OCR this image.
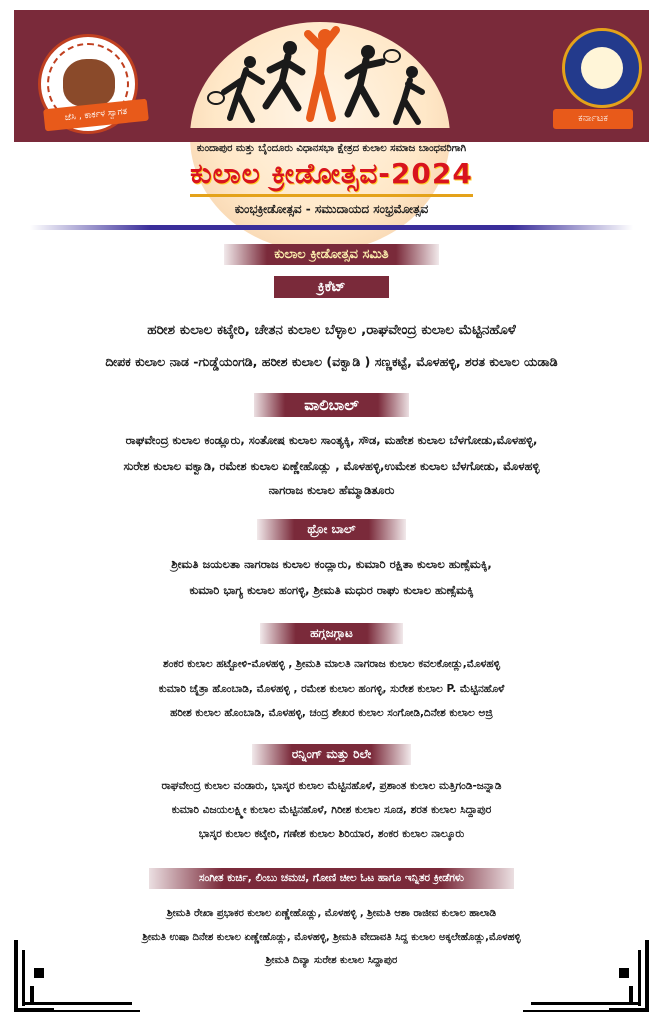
ಜೆಸಿ , ಕಾರ್ಕಳ ಸ್ವಾಗತ	ಕರ್ನಾಟಕ
ಕುಂದಾಪುರ ಮತ್ತು ಬೈಂದೂರು ವಿಧಾನಸಭಾ ಕ್ಷೇತ್ರದ ಕುಲಾಲ ಸಮಾಜ ಬಾಂಧವರಿಗಾಗಿ
ಕುಲಾಲ ಕ್ರೀಡೋತ್ಸವ-2024
ಕುಂಭಕ್ರೀಡೋತ್ಸವ - ಸಮುದಾಯದ ಸಂಭ್ರಮೋತ್ಸವ
ಕುಲಾಲ ಕ್ರೀಡೋತ್ಸವ ಸಮಿತಿ
ಕ್ರಿಕೆಟ್
ಹರೀಶ ಕುಲಾಲ ಕಟ್ಕೇರಿ, ಚೇತನ ಕುಲಾಲ ಬೆಳ್ಳಾಲ ,ರಾಘವೇಂದ್ರ ಕುಲಾಲ ಮೆಟ್ಟಿನಹೊಳೆ
ದೀಪಕ ಕುಲಾಲ ನಾಡ -ಗುಡ್ಡೆಯಂಗಡಿ, ಹರೀಶ ಕುಲಾಲ (ವಕ್ವಾಡಿ ) ಸಣ್ಣಕಟ್ಟೆ, ಮೊಳಹಳ್ಳಿ, ಶರತ ಕುಲಾಲ ಯಡಾಡಿ
ವಾಲಿಬಾಲ್
ರಾಘವೇಂದ್ರ ಕುಲಾಲ ಕಂಡ್ಲೂರು, ಸಂತೋಷ ಕುಲಾಲ ಸಾಂತ್ಯಕ್ಕಿ, ಸೌಡ, ಮಹೇಶ ಕುಲಾಲ ಬೆಳಗೋಡು,ಮೊಳಹಳ್ಳಿ,
ಸುರೇಶ ಕುಲಾಲ ವಕ್ವಾಡಿ, ರಮೇಶ ಕುಲಾಲ ಏಣ್ಣೇಹೊಡ್ಲು , ಮೊಳಹಳ್ಳಿ,ಉಮೇಶ ಕುಲಾಲ ಬೆಳಗೋಡು, ಮೊಳಹಳ್ಳಿ
ನಾಗರಾಜ ಕುಲಾಲ ಹೆಮ್ಮಾಡಿತೂರು
ಥ್ರೋ ಬಾಲ್
ಶ್ರೀಮತಿ ಜಯಲತಾ ನಾಗರಾಜ ಕುಲಾಲ ಕಂದ್ಲಾರು, ಕುಮಾರಿ ರಕ್ಷಿತಾ ಕುಲಾಲ ಹುಣ್ಸೆಮಕ್ಕಿ,
ಕುಮಾರಿ ಭಾಗ್ಯ ಕುಲಾಲ ಹಂಗಳ್ಳಿ, ಶ್ರೀಮತಿ ಮಧುರ ರಾಘು ಕುಲಾಲ ಹುಣ್ಸೆಮಕ್ಕಿ
ಹಗ್ಗಜಗ್ಗಾಟ
ಶಂಕರ ಕುಲಾಲ ಹಟ್ಟೋಳಿ-ಮೊಳಹಳ್ಳಿ , ಶ್ರೀಮತಿ ಮಾಲತಿ ನಾಗರಾಜ ಕುಲಾಲ ಕವಲಕೋಡ್ಲು,ಮೊಳಹಳ್ಳಿ
ಕುಮಾರಿ ಚೈತ್ರಾ ಹೊಂಬಾಡಿ, ಮೊಳಹಳ್ಳಿ , ರಮೇಶ ಕುಲಾಲ ಹಂಗಳ್ಳಿ, ಸುರೇಶ ಕುಲಾಲ P. ಮೆಟ್ಟಿನಹೊಳೆ
ಹರೀಶ ಕುಲಾಲ ಹೊಂಬಾಡಿ, ಮೊಳಹಳ್ಳಿ, ಚಂದ್ರ ಶೇಖರ ಕುಲಾಲ ಸಂಗೋಡಿ,ದಿನೇಶ ಕುಲಾಲ ಅಜ್ರಿ
ರನ್ನಿಂಗ್ ಮತ್ತು ರಿಲೇ
ರಾಘವೇಂದ್ರ ಕುಲಾಲ ವಂಡಾರು, ಭಾಸ್ಕರ ಕುಲಾಲ ಮೆಟ್ಟಿನಹೊಳೆ, ಪ್ರಶಾಂತ ಕುಲಾಲ ಮತ್ತಿಗಂಡಿ-ಜನ್ನಾಡಿ
ಕುಮಾರಿ ವಿಜಯಲಕ್ಷ್ಮೀ ಕುಲಾಲ ಮೆಟ್ಟಿನಹೊಳೆ, ಗಿರೀಶ ಕುಲಾಲ ಸೂಡ, ಶರತ ಕುಲಾಲ ಸಿದ್ದಾಪುರ
ಭಾಸ್ಕರ ಕುಲಾಲ ಕಟ್ಕೇರಿ, ಗಣೇಶ ಕುಲಾಲ ಶಿರಿಯಾರ, ಶಂಕರ ಕುಲಾಲ ನಾಲ್ಕೂರು
ಸಂಗೀತ ಕುರ್ಚಿ, ಲಿಂಬು ಚಮಚ, ಗೋಣಿ ಚೀಲ ಓಟ ಹಾಗೂ ಇನ್ನಿತರ ಕ್ರೀಡೆಗಳು
ಶ್ರೀಮತಿ ರೇಖಾ ಪ್ರಭಾಕರ ಕುಲಾಲ ಏಣ್ಣೇಹೊಡ್ಲು, ಮೊಳಹಳ್ಳಿ , ಶ್ರೀಮತಿ ಆಶಾ ರಾಜೀವ ಕುಲಾಲ ಹಾಲಾಡಿ
ಶ್ರೀಮತಿ ಉಷಾ ದಿನೇಶ ಕುಲಾಲ ಏಣ್ಣೇಹೊಡ್ಲು, ಮೊಳಹಳ್ಳಿ, ಶ್ರೀಮತಿ ವೇದಾವತಿ ಸಿದ್ದ ಕುಲಾಲ ಅಕ್ಕಲೇಹೊಡ್ಲು,ಮೊಳಹಳ್ಳಿ
ಶ್ರೀಮತಿ ದಿವ್ಯಾ ಸುರೇಶ ಕುಲಾಲ ಸಿದ್ದಾಪುರ
